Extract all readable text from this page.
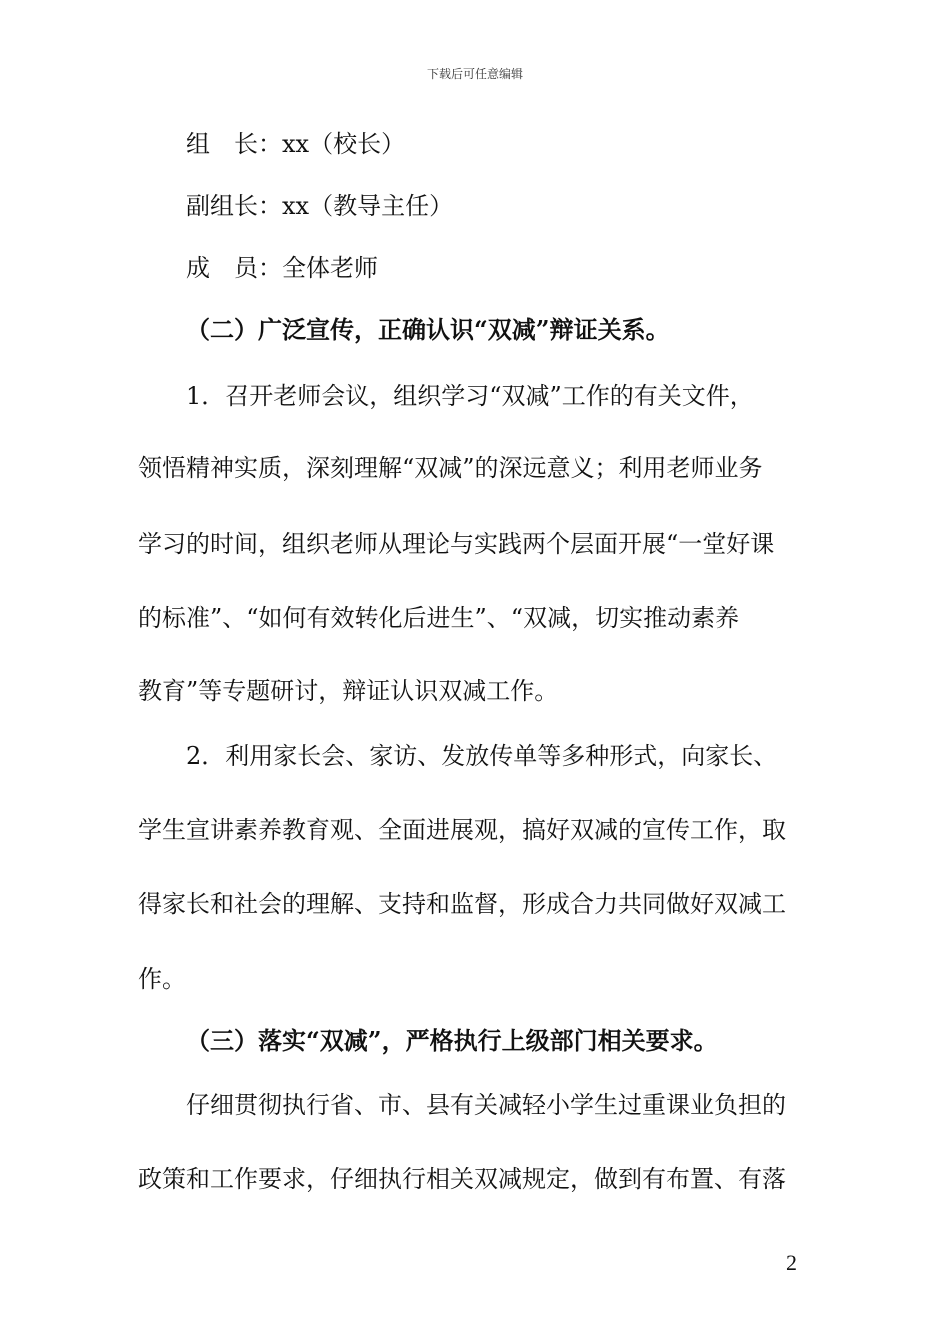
下载后可任意编辑
组　长：xx（校长）
副组长：xx（教导主任）
成　员：全体老师
（二）广泛宣传，正确认识“双减”辩证关系。
1．召开老师会议，组织学习“双减”工作的有关文件，
领悟精神实质，深刻理解“双减”的深远意义；利用老师业务
学习的时间，组织老师从理论与实践两个层面开展“一堂好课
的标准”、“如何有效转化后进生”、“双减，切实推动素养
教育”等专题研讨，辩证认识双减工作。
2．利用家长会、家访、发放传单等多种形式，向家长、
学生宣讲素养教育观、全面进展观，搞好双减的宣传工作，取
得家长和社会的理解、支持和监督，形成合力共同做好双减工
作。
（三）落实“双减”，严格执行上级部门相关要求。
仔细贯彻执行省、市、县有关减轻小学生过重课业负担的
政策和工作要求，仔细执行相关双减规定，做到有布置、有落
2
